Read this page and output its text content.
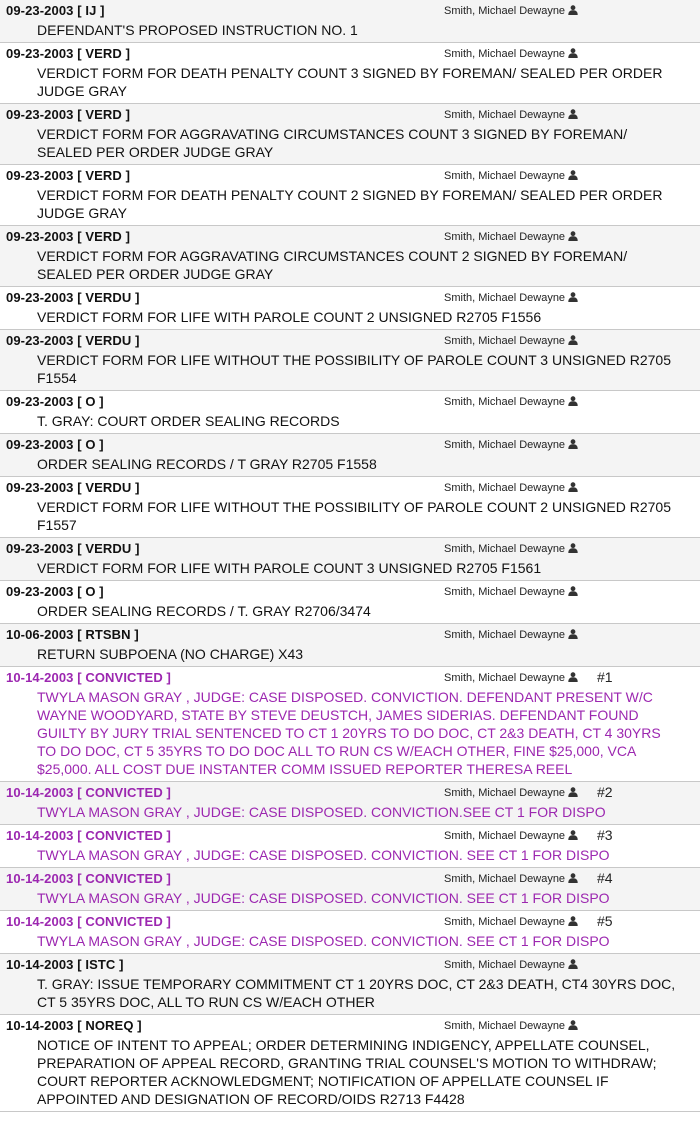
09-23-2003 [ IJ ]	Smith, Michael Dewayne
DEFENDANT'S PROPOSED INSTRUCTION NO. 1
09-23-2003 [ VERD ]	Smith, Michael Dewayne
VERDICT FORM FOR DEATH PENALTY COUNT 3 SIGNED BY FOREMAN/ SEALED PER ORDER JUDGE GRAY
09-23-2003 [ VERD ]	Smith, Michael Dewayne
VERDICT FORM FOR AGGRAVATING CIRCUMSTANCES COUNT 3 SIGNED BY FOREMAN/ SEALED PER ORDER JUDGE GRAY
09-23-2003 [ VERD ]	Smith, Michael Dewayne
VERDICT FORM FOR DEATH PENALTY COUNT 2 SIGNED BY FOREMAN/ SEALED PER ORDER JUDGE GRAY
09-23-2003 [ VERD ]	Smith, Michael Dewayne
VERDICT FORM FOR AGGRAVATING CIRCUMSTANCES COUNT 2 SIGNED BY FOREMAN/ SEALED PER ORDER JUDGE GRAY
09-23-2003 [ VERDU ]	Smith, Michael Dewayne
VERDICT FORM FOR LIFE WITH PAROLE COUNT 2 UNSIGNED R2705 F1556
09-23-2003 [ VERDU ]	Smith, Michael Dewayne
VERDICT FORM FOR LIFE WITHOUT THE POSSIBILITY OF PAROLE COUNT 3 UNSIGNED R2705 F1554
09-23-2003 [ O ]	Smith, Michael Dewayne
T. GRAY: COURT ORDER SEALING RECORDS
09-23-2003 [ O ]	Smith, Michael Dewayne
ORDER SEALING RECORDS / T GRAY R2705 F1558
09-23-2003 [ VERDU ]	Smith, Michael Dewayne
VERDICT FORM FOR LIFE WITHOUT THE POSSIBILITY OF PAROLE COUNT 2 UNSIGNED R2705 F1557
09-23-2003 [ VERDU ]	Smith, Michael Dewayne
VERDICT FORM FOR LIFE WITH PAROLE COUNT 3 UNSIGNED R2705 F1561
09-23-2003 [ O ]	Smith, Michael Dewayne
ORDER SEALING RECORDS / T. GRAY R2706/3474
10-06-2003 [ RTSBN ]	Smith, Michael Dewayne
RETURN SUBPOENA (NO CHARGE) X43
10-14-2003 [ CONVICTED ]	Smith, Michael Dewayne	#1
TWYLA MASON GRAY , JUDGE: CASE DISPOSED. CONVICTION. DEFENDANT PRESENT W/C WAYNE WOODYARD, STATE BY STEVE DEUSTCH, JAMES SIDERIAS. DEFENDANT FOUND GUILTY BY JURY TRIAL SENTENCED TO CT 1 20YRS TO DO DOC, CT 2&3 DEATH, CT 4 30YRS TO DO DOC, CT 5 35YRS TO DO DOC ALL TO RUN CS W/EACH OTHER, FINE $25,000, VCA $25,000. ALL COST DUE INSTANTER COMM ISSUED REPORTER THERESA REEL
10-14-2003 [ CONVICTED ]	Smith, Michael Dewayne	#2
TWYLA MASON GRAY , JUDGE: CASE DISPOSED. CONVICTION.SEE CT 1 FOR DISPO
10-14-2003 [ CONVICTED ]	Smith, Michael Dewayne	#3
TWYLA MASON GRAY , JUDGE: CASE DISPOSED. CONVICTION. SEE CT 1 FOR DISPO
10-14-2003 [ CONVICTED ]	Smith, Michael Dewayne	#4
TWYLA MASON GRAY , JUDGE: CASE DISPOSED. CONVICTION. SEE CT 1 FOR DISPO
10-14-2003 [ CONVICTED ]	Smith, Michael Dewayne	#5
TWYLA MASON GRAY , JUDGE: CASE DISPOSED. CONVICTION. SEE CT 1 FOR DISPO
10-14-2003 [ ISTC ]	Smith, Michael Dewayne
T. GRAY: ISSUE TEMPORARY COMMITMENT CT 1 20YRS DOC, CT 2&3 DEATH, CT4 30YRS DOC, CT 5 35YRS DOC, ALL TO RUN CS W/EACH OTHER
10-14-2003 [ NOREQ ]	Smith, Michael Dewayne
NOTICE OF INTENT TO APPEAL; ORDER DETERMINING INDIGENCY, APPELLATE COUNSEL, PREPARATION OF APPEAL RECORD, GRANTING TRIAL COUNSEL'S MOTION TO WITHDRAW; COURT REPORTER ACKNOWLEDGMENT; NOTIFICATION OF APPELLATE COUNSEL IF APPOINTED AND DESIGNATION OF RECORD/OIDS R2713 F4428
